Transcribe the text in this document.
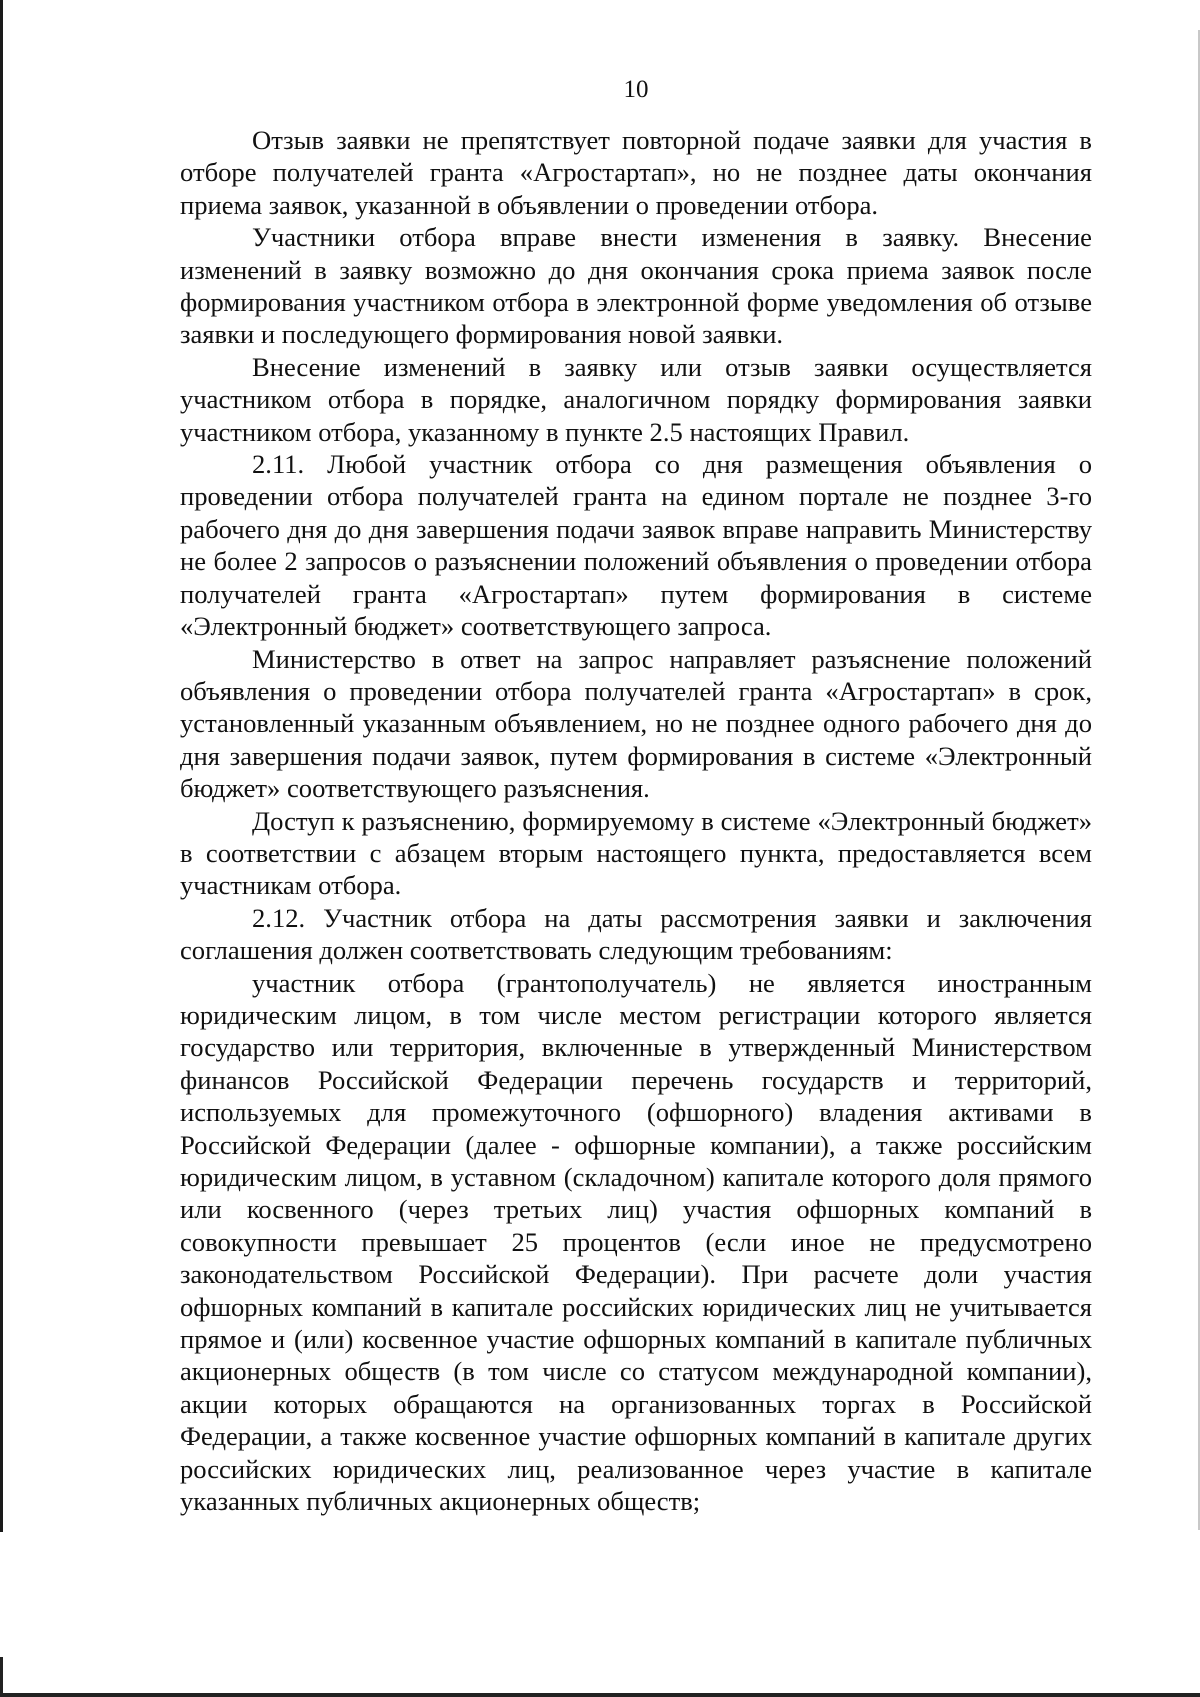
10

Отзыв заявки не препятствует повторной подаче заявки для участия в отборе получателей гранта «Агростартап», но не позднее даты окончания приема заявок, указанной в объявлении о проведении отбора.

Участники отбора вправе внести изменения в заявку. Внесение изменений в заявку возможно до дня окончания срока приема заявок после формирования участником отбора в электронной форме уведомления об отзыве заявки и последующего формирования новой заявки.

Внесение изменений в заявку или отзыв заявки осуществляется участником отбора в порядке, аналогичном порядку формирования заявки участником отбора, указанному в пункте 2.5 настоящих Правил.

2.11. Любой участник отбора со дня размещения объявления о проведении отбора получателей гранта на едином портале не позднее 3-го рабочего дня до дня завершения подачи заявок вправе направить Министерству не более 2 запросов о разъяснении положений объявления о проведении отбора получателей гранта «Агростартап» путем формирования в системе «Электронный бюджет» соответствующего запроса.

Министерство в ответ на запрос направляет разъяснение положений объявления о проведении отбора получателей гранта «Агростартап» в срок, установленный указанным объявлением, но не позднее одного рабочего дня до дня завершения подачи заявок, путем формирования в системе «Электронный бюджет» соответствующего разъяснения.

Доступ к разъяснению, формируемому в системе «Электронный бюджет» в соответствии с абзацем вторым настоящего пункта, предоставляется всем участникам отбора.

2.12. Участник отбора на даты рассмотрения заявки и заключения соглашения должен соответствовать следующим требованиям:

участник отбора (грантополучатель) не является иностранным юридическим лицом, в том числе местом регистрации которого является государство или территория, включенные в утвержденный Министерством финансов Российской Федерации перечень государств и территорий, используемых для промежуточного (офшорного) владения активами в Российской Федерации (далее - офшорные компании), а также российским юридическим лицом, в уставном (складочном) капитале которого доля прямого или косвенного (через третьих лиц) участия офшорных компаний в совокупности превышает 25 процентов (если иное не предусмотрено законодательством Российской Федерации). При расчете доли участия офшорных компаний в капитале российских юридических лиц не учитывается прямое и (или) косвенное участие офшорных компаний в капитале публичных акционерных обществ (в том числе со статусом международной компании), акции которых обращаются на организованных торгах в Российской Федерации, а также косвенное участие офшорных компаний в капитале других российских юридических лиц, реализованное через участие в капитале указанных публичных акционерных обществ;
